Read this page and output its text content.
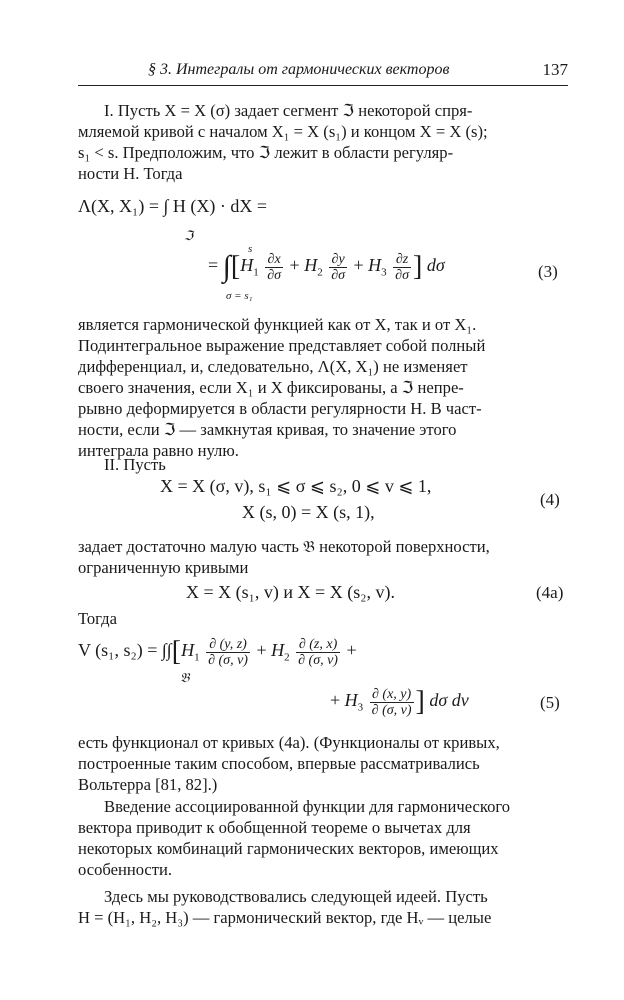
§ 3. Интегралы от гармонических векторов	137
I. Пусть X = X (σ) задает сегмент ℑ некоторой спря-
мляемой кривой с началом X₁ = X (s₁) и концом X = X (s);
s₁ < s. Предположим, что ℑ лежит в области регуляр-
ности H. Тогда
Λ(X, X₁) = ∫ H (X) · dX =
ℑ
s
= $\int[H_1 \frac{\partial x}{\partial\sigma} + H_2 \frac{\partial y}{\partial\sigma} + H_3 \frac{\partial z}{\partial\sigma}$ ] dσ
σ = s₁
(3)
является гармонической функцией как от X, так и от X₁.
Подинтегральное выражение представляет собой полный
дифференциал, и, следовательно, Λ(X, X₁) не изменяет
своего значения, если X₁ и X фиксированы, а ℑ непре-
рывно деформируется в области регулярности H. В част-
ности, если ℑ — замкнутая кривая, то значение этого
интеграла равно нулю.
II. Пусть
X = X (σ, v), s₁ ⩽ σ ⩽ s₂, 0 ⩽ v ⩽ 1,
X (s, 0) = X (s, 1),
(4)
задает достаточно малую часть 𝔅 некоторой поверхности,
ограниченную кривыми
X = X (s₁, v) и X = X (s₂, v).	(4a)
Тогда
V (s₁, $s_2) = \int\int[H_1 \frac{\partial (y, z)}{\partial (\sigma, v)} + H_2 \frac{\partial (z, x)}{\partial (\sigma, v)}$ +
𝔅
+ $H_3 \frac{\partial (x, y)}{\partial (\sigma, v)}$ ] dσ dv	(5)
есть функционал от кривых (4a). (Функционалы от кривых,
построенные таким способом, впервые рассматривались
Вольтерра [81, 82].)
Введение ассоциированной функции для гармонического
вектора приводит к обобщенной теореме о вычетах для
некоторых комбинаций гармонических векторов, имеющих
особенности.
Здесь мы руководствовались следующей идеей. Пусть
H = (H₁, H₂, H₃) — гармонический вектор, где Hᵥ — целые
